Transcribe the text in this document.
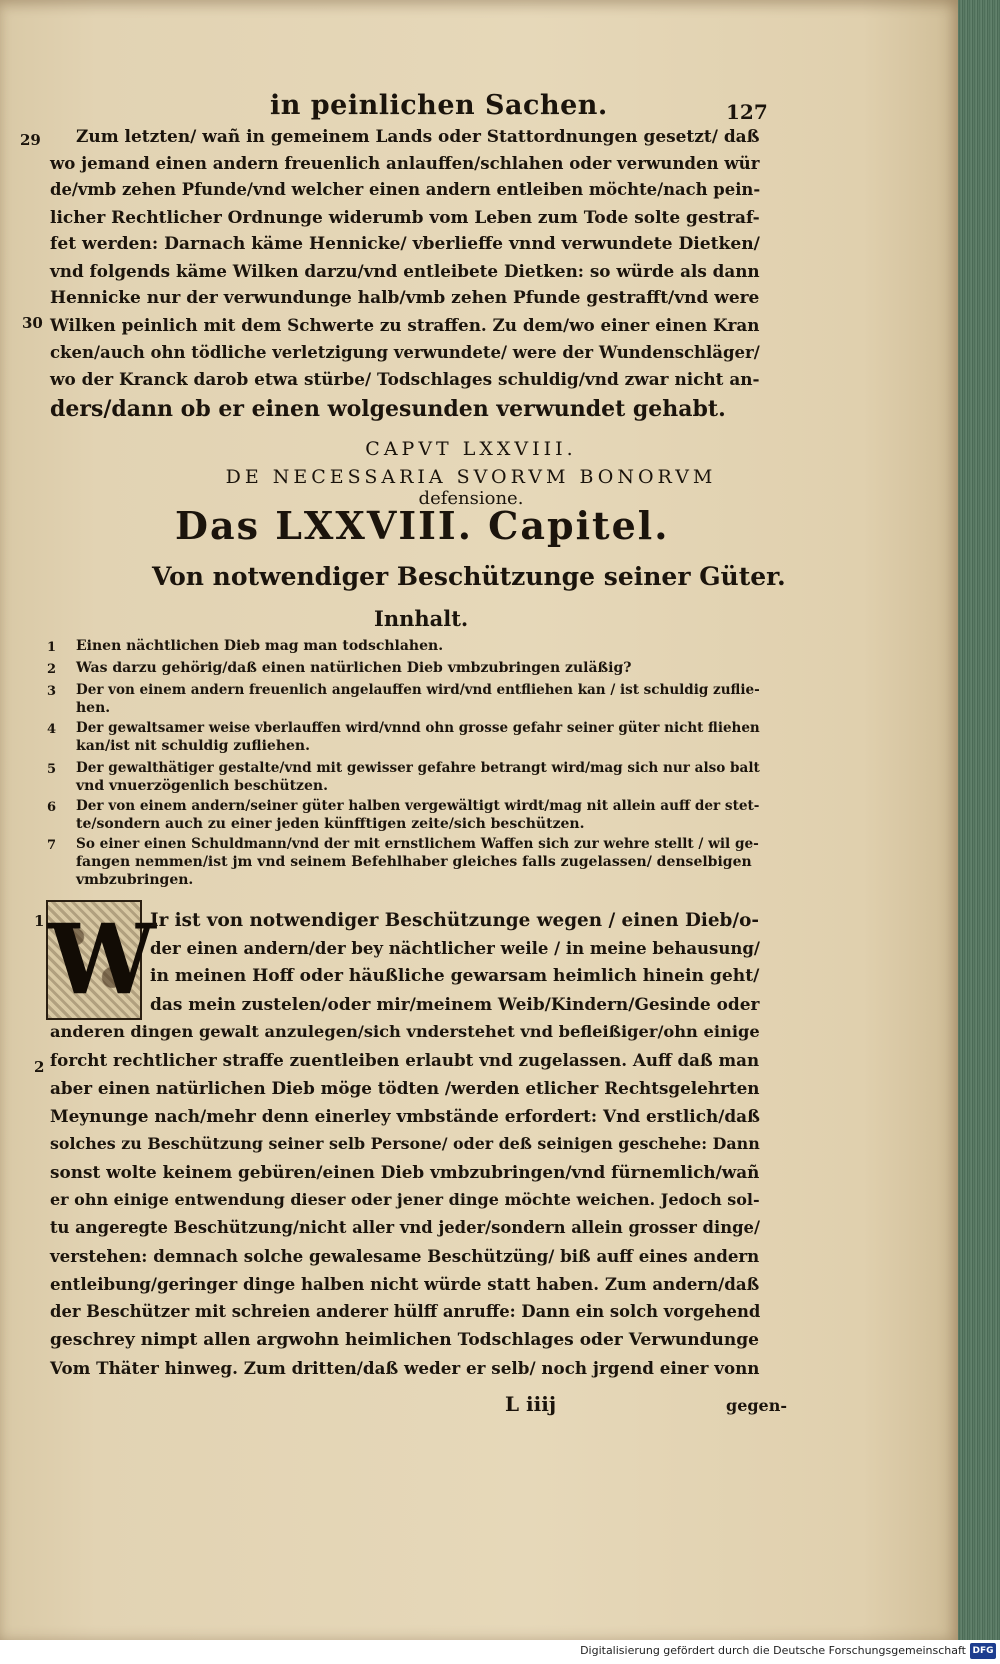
in peinlichen Sachen.	127
29 Zum letzten/ wañ in gemeinem Lands oder Stattordnungen gesetzt/ daß
wo jemand einen andern freuenlich anlauffen/schlahen oder verwunden wür
de/vmb zehen Pfunde/vnd welcher einen andern entleiben möchte/nach pein-
licher Rechtlicher Ordnunge widerumb vom Leben zum Tode solte gestraf-
fet werden: Darnach käme Hennicke/ vberlieffe vnnd verwundete Dietken/
vnd folgends käme Wilken darzu/vnd entleibete Dietken: so würde als dann
Hennicke nur der verwundunge halb/vmb zehen Pfunde gestrafft/vnd were
Wilken peinlich mit dem Schwerte zu straffen. Zu dem/wo einer einen Kran
cken/auch ohn tödliche verletzigung verwundete/ were der Wundenschläger/
wo der Kranck darob etwa stürbe/ Todschlages schuldig/vnd zwar nicht an-
ders/dann ob er einen wolgesunden verwundet gehabt.
30
CAPVT LXXVIII.
DE NECESSARIA SVORVM BONORVM
defensione.
Das LXXVIII. Capitel.
Von notwendiger Beschützunge seiner Güter.
Innhalt.
1 Einen nächtlichen Dieb mag man todschlahen.
2 Was darzu gehörig/daß einen natürlichen Dieb vmbzubringen zuläßig?
3 Der von einem andern freuenlich angelauffen wird/vnd entfliehen kan / ist schuldig zuflie-
hen.
4 Der gewaltsamer weise vberlauffen wird/vnnd ohn grosse gefahr seiner güter nicht fliehen
kan/ist nit schuldig zufliehen.
5 Der gewalthätiger gestalte/vnd mit gewisser gefahre betrangt wird/mag sich nur also balt
vnd vnuerzögenlich beschützen.
6 Der von einem andern/seiner güter halben vergewältigt wirdt/mag nit allein auff der stet-
te/sondern auch zu einer jeden künfftigen zeite/sich beschützen.
7 So einer einen Schuldmann/vnd der mit ernstlichem Waffen sich zur wehre stellt / wil ge-
fangen nemmen/ist jm vnd seinem Befehlhaber gleiches falls zugelassen/ denselbigen
vmbzubringen.
1 W
Ir ist von notwendiger Beschützunge wegen / einen Dieb/o-
der einen andern/der bey nächtlicher weile / in meine behausung/
in meinen Hoff oder häußliche gewarsam heimlich hinein geht/
das mein zustelen/oder mir/meinem Weib/Kindern/Gesinde oder
anderen dingen gewalt anzulegen/sich vnderstehet vnd befleißiger/ohn einige
forcht rechtlicher straffe zuentleiben erlaubt vnd zugelassen. Auff daß man
aber einen natürlichen Dieb möge tödten /werden etlicher Rechtsgelehrten
Meynunge nach/mehr denn einerley vmbstände erfordert: Vnd erstlich/daß
solches zu Beschützung seiner selb Persone/ oder deß seinigen geschehe: Dann
sonst wolte keinem gebüren/einen Dieb vmbzubringen/vnd fürnemlich/wañ
er ohn einige entwendung dieser oder jener dinge möchte weichen. Jedoch sol-
tu angeregte Beschützung/nicht aller vnd jeder/sondern allein grosser dinge/
verstehen: demnach solche gewalesame Beschützüng/ biß auff eines andern
entleibung/geringer dinge halben nicht würde statt haben. Zum andern/daß
der Beschützer mit schreien anderer hülff anruffe: Dann ein solch vorgehend
geschrey nimpt allen argwohn heimlichen Todschlages oder Verwundunge
Vom Thäter hinweg. Zum dritten/daß weder er selb/ noch jrgend einer vonn
2
L iiij	gegen-
Digitalisierung gefördert durch die Deutsche Forschungsgemeinschaft DFG
